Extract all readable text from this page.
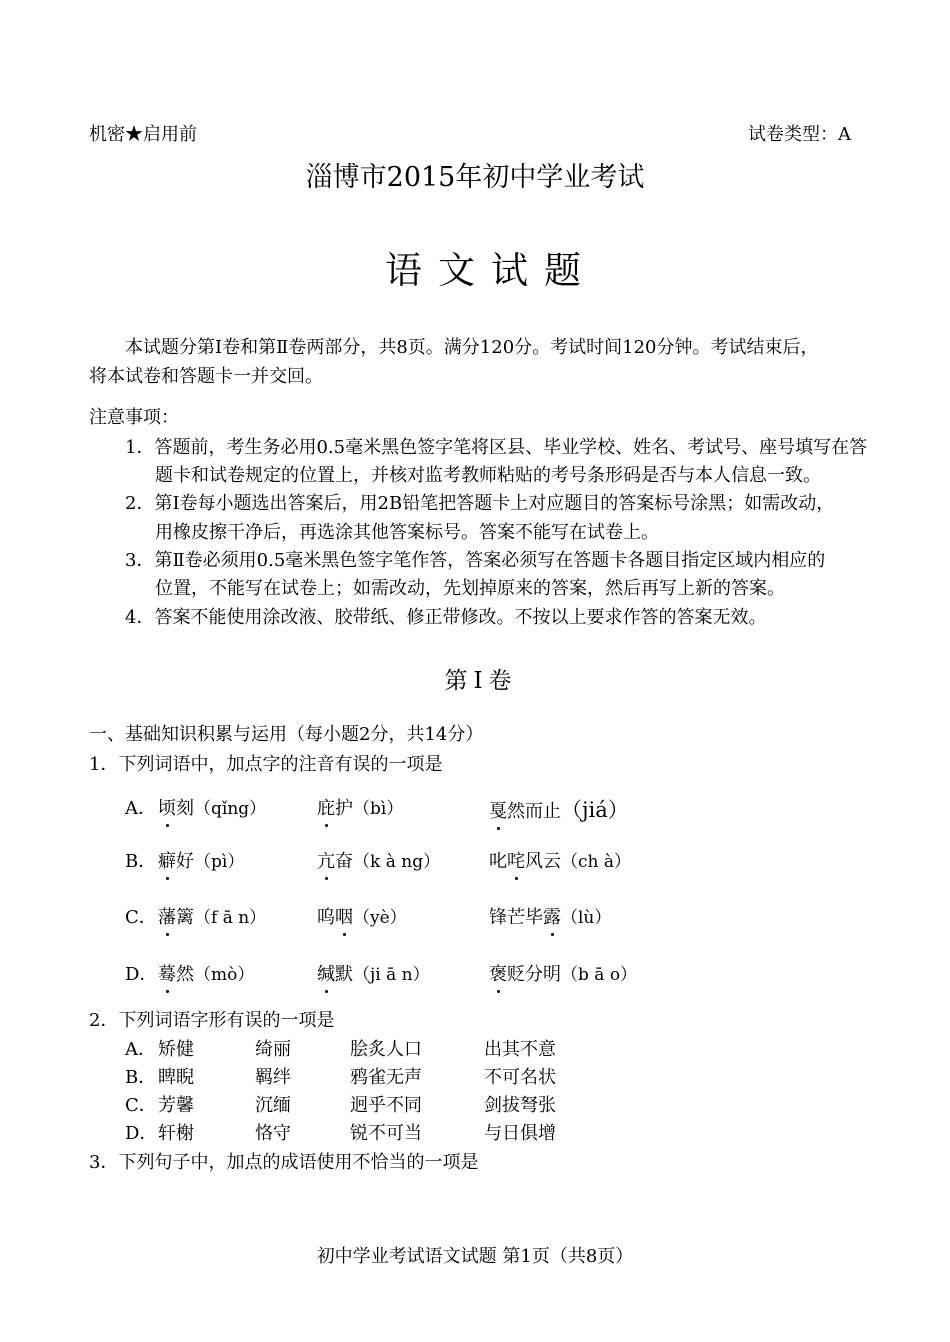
机密★启用前	试卷类型：A
淄博市2015年初中学业考试
语文试题
本试题分第Ⅰ卷和第Ⅱ卷两部分，共8页。满分120分。考试时间120分钟。考试结束后，
将本试卷和答题卡一并交回。
注意事项：
1．答题前，考生务必用0.5毫米黑色签字笔将区县、毕业学校、姓名、考试号、座号填写在答
题卡和试卷规定的位置上，并核对监考教师粘贴的考号条形码是否与本人信息一致。
2．第Ⅰ卷每小题选出答案后，用2B铅笔把答题卡上对应题目的答案标号涂黑；如需改动，
用橡皮擦干净后，再选涂其他答案标号。答案不能写在试卷上。
3．第Ⅱ卷必须用0.5毫米黑色签字笔作答，答案必须写在答题卡各题目指定区域内相应的
位置，不能写在试卷上；如需改动，先划掉原来的答案，然后再写上新的答案。
4．答案不能使用涂改液、胶带纸、修正带修改。不按以上要求作答的答案无效。
第Ⅰ卷
一、基础知识积累与运用（每小题2分，共14分）
1．下列词语中，加点字的注音有误的一项是
A． 顷刻（qǐng）	庇护（bì）	戛然而止（jiá）
B． 癖好（pì）	亢奋（k à ng）	叱咤风云（ch à）
C． 藩篱（f ā n）	呜咽（yè）	锋芒毕露（lù）
D． 蓦然（mò）	缄默（ji ā n）	褒贬分明（b ā o）
2．下列词语字形有误的一项是
A． 矫健	绮丽	脍炙人口	出其不意
B． 睥睨	羁绊	鸦雀无声	不可名状
C． 芳馨	沉缅	迥乎不同	剑拔弩张
D． 轩榭	恪守	锐不可当	与日俱增
3．下列句子中，加点的成语使用不恰当的一项是
初中学业考试语文试题 第1页（共8页）
